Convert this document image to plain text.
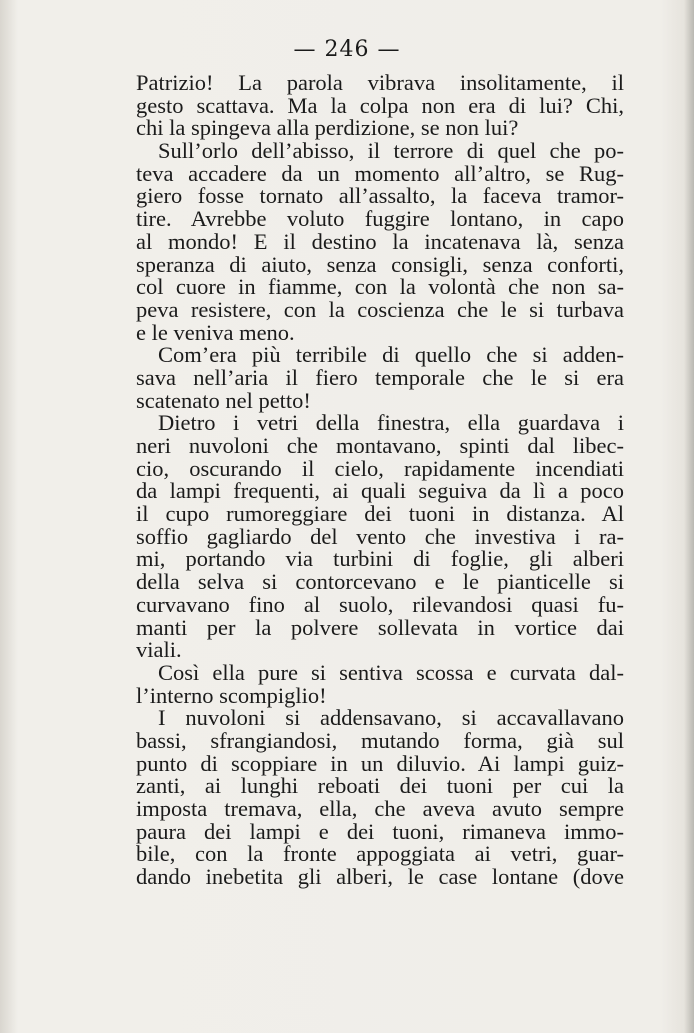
— 246 —
Patrizio! La parola vibrava insolitamente, il
gesto scattava. Ma la colpa non era di lui? Chi,
chi la spingeva alla perdizione, se non lui?
Sull’orlo dell’abisso, il terrore di quel che po-
teva accadere da un momento all’altro, se Rug-
giero fosse tornato all’assalto, la faceva tramor-
tire. Avrebbe voluto fuggire lontano, in capo
al mondo! E il destino la incatenava là, senza
speranza di aiuto, senza consigli, senza conforti,
col cuore in fiamme, con la volontà che non sa-
peva resistere, con la coscienza che le si turbava
e le veniva meno.
Com’era più terribile di quello che si adden-
sava nell’aria il fiero temporale che le si era
scatenato nel petto!
Dietro i vetri della finestra, ella guardava i
neri nuvoloni che montavano, spinti dal libec-
cio, oscurando il cielo, rapidamente incendiati
da lampi frequenti, ai quali seguiva da lì a poco
il cupo rumoreggiare dei tuoni in distanza. Al
soffio gagliardo del vento che investiva i ra-
mi, portando via turbini di foglie, gli alberi
della selva si contorcevano e le pianticelle si
curvavano fino al suolo, rilevandosi quasi fu-
manti per la polvere sollevata in vortice dai
viali.
Così ella pure si sentiva scossa e curvata dal-
l’interno scompiglio!
I nuvoloni si addensavano, si accavallavano
bassi, sfrangiandosi, mutando forma, già sul
punto di scoppiare in un diluvio. Ai lampi guiz-
zanti, ai lunghi reboati dei tuoni per cui la
imposta tremava, ella, che aveva avuto sempre
paura dei lampi e dei tuoni, rimaneva immo-
bile, con la fronte appoggiata ai vetri, guar-
dando inebetita gli alberi, le case lontane (dove
